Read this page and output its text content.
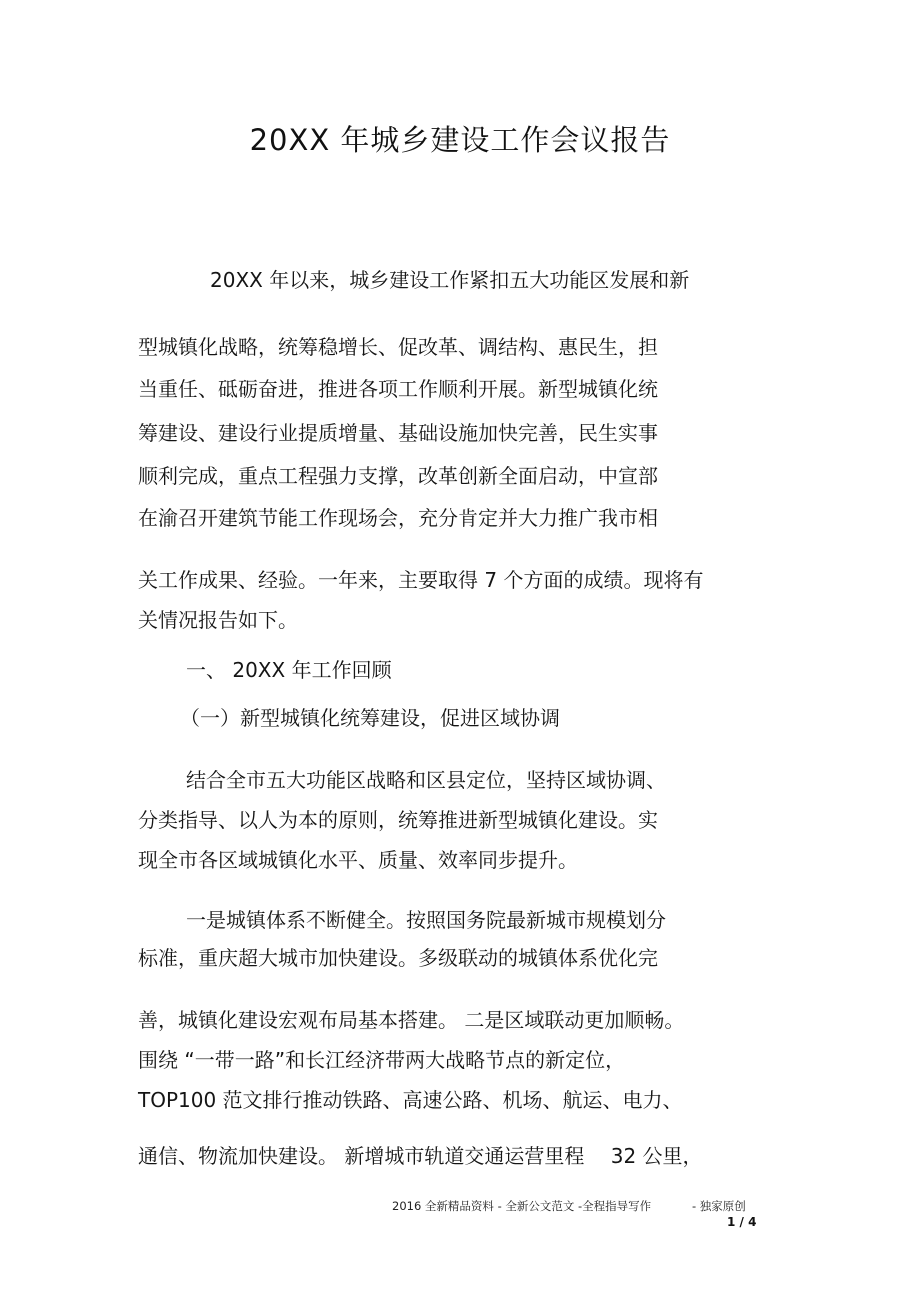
20XX 年城乡建设工作会议报告
20XX 年以来，城乡建设工作紧扣五大功能区发展和新
型城镇化战略，统筹稳增长、促改革、调结构、惠民生，担
当重任、砥砺奋进，推进各项工作顺利开展。新型城镇化统
筹建设、建设行业提质增量、基础设施加快完善，民生实事
顺利完成，重点工程强力支撑，改革创新全面启动，中宣部
在渝召开建筑节能工作现场会，充分肯定并大力推广我市相
关工作成果、经验。一年来，主要取得 7 个方面的成绩。现将有
关情况报告如下。
一、 20XX 年工作回顾
（一）新型城镇化统筹建设，促进区域协调
结合全市五大功能区战略和区县定位，坚持区域协调、
分类指导、以人为本的原则，统筹推进新型城镇化建设。实
现全市各区域城镇化水平、质量、效率同步提升。
一是城镇体系不断健全。按照国务院最新城市规模划分
标准，重庆超大城市加快建设。多级联动的城镇体系优化完
善，城镇化建设宏观布局基本搭建。 二是区域联动更加顺畅。
围绕 “一带一路”和长江经济带两大战略节点的新定位，
TOP100 范文排行推动铁路、高速公路、机场、航运、电力、
通信、物流加快建设。 新增城市轨道交通运营里程　 32 公里，
2016 全新精品资料 - 全新公文范文 -全程指导写作	- 独家原创
1 / 4
